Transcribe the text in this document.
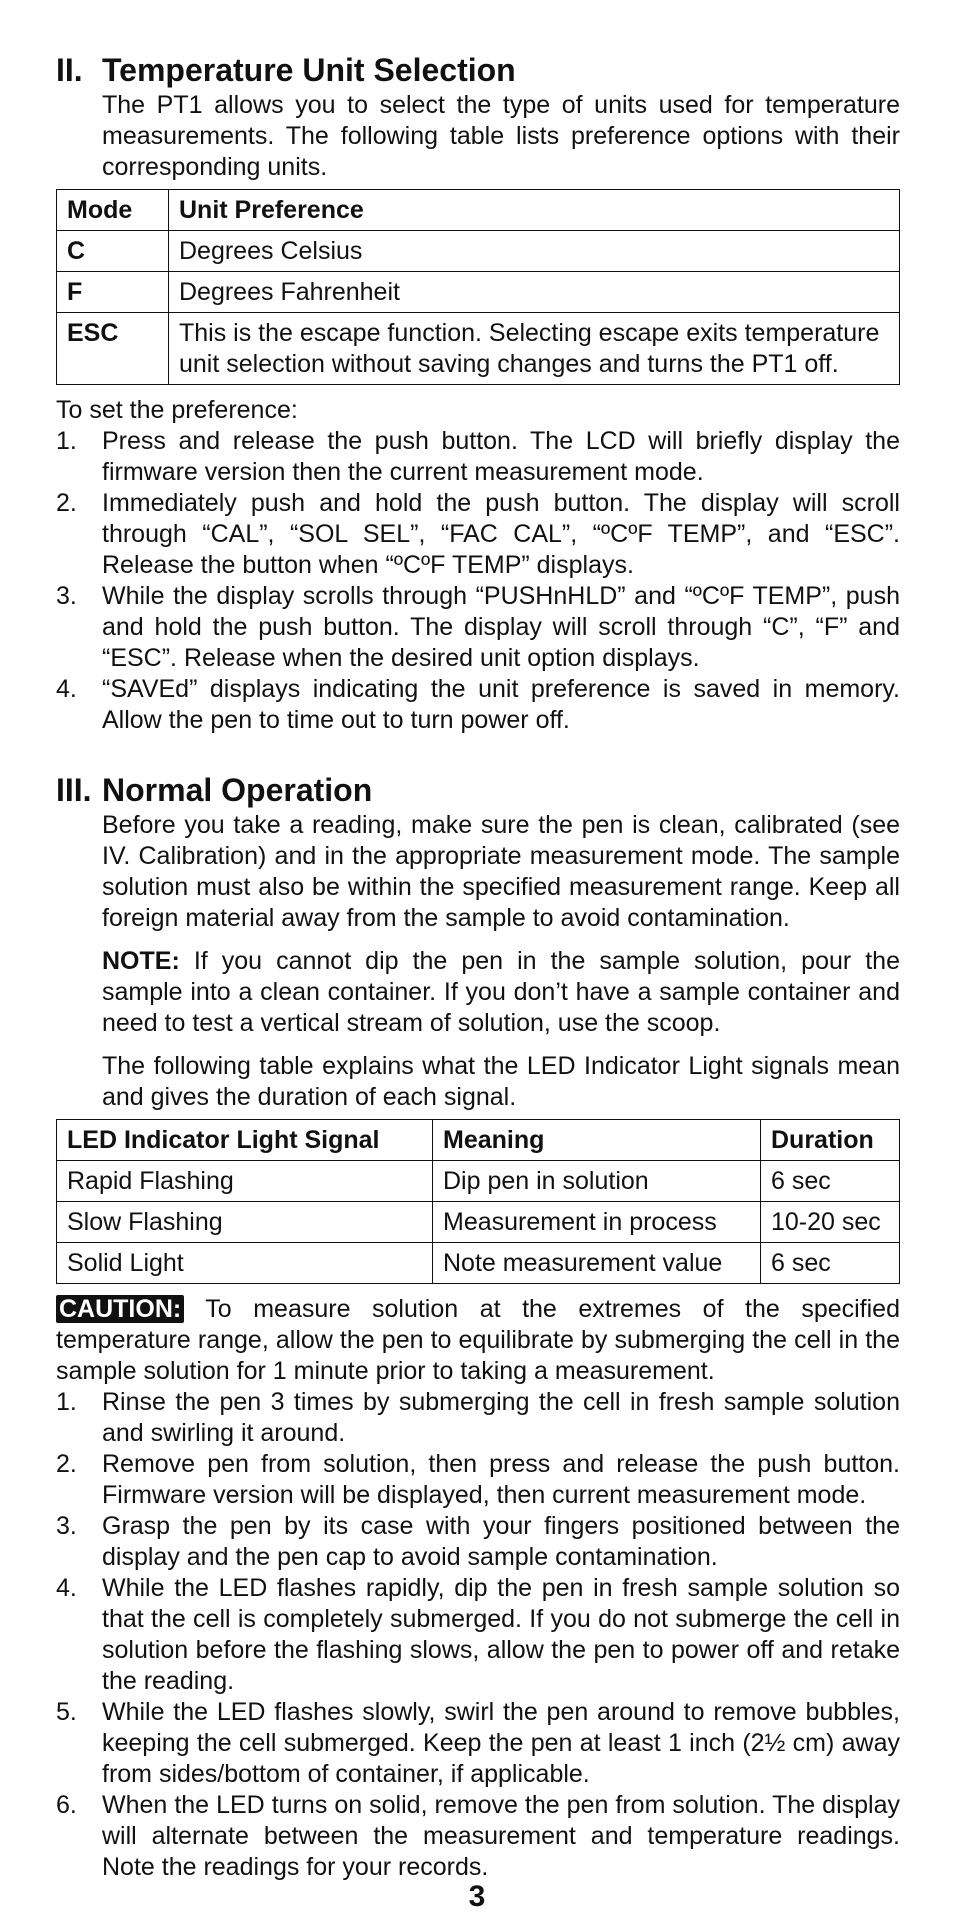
II. Temperature Unit Selection

The PT1 allows you to select the type of units used for temperature measurements. The following table lists preference options with their corresponding units.

Mode	Unit Preference
C	Degrees Celsius
F	Degrees Fahrenheit
ESC	This is the escape function. Selecting escape exits temperature unit selection without saving changes and turns the PT1 off.

To set the preference:

1.	Press and release the push button. The LCD will briefly display the firmware version then the current measurement mode.
2.	Immediately push and hold the push button. The display will scroll through “CAL”, “SOL SEL”, “FAC CAL”, “ºCºF TEMP”, and “ESC”. Release the button when “ºCºF TEMP” displays.
3.	While the display scrolls through “PUSHnHLD” and “ºCºF TEMP”, push and hold the push button. The display will scroll through “C”, “F” and “ESC”. Release when the desired unit option displays.
4.	“SAVEd” displays indicating the unit preference is saved in memory. Allow the pen to time out to turn power off.
III. Normal Operation

Before you take a reading, make sure the pen is clean, calibrated (see IV. Calibration) and in the appropriate measurement mode. The sample solution must also be within the specified measurement range. Keep all foreign material away from the sample to avoid contamination.

NOTE: If you cannot dip the pen in the sample solution, pour the sample into a clean container. If you don’t have a sample container and need to test a vertical stream of solution, use the scoop.

The following table explains what the LED Indicator Light signals mean and gives the duration of each signal.

LED Indicator Light Signal	Meaning	Duration
Rapid Flashing	Dip pen in solution	6 sec
Slow Flashing	Measurement in process	10-20 sec
Solid Light	Note measurement value	6 sec

CAUTION: To measure solution at the extremes of the specified temperature range, allow the pen to equilibrate by submerging the cell in the sample solution for 1 minute prior to taking a measurement.

1.	Rinse the pen 3 times by submerging the cell in fresh sample solution and swirling it around.
2.	Remove pen from solution, then press and release the push button. Firmware version will be displayed, then current measurement mode.
3.	Grasp the pen by its case with your fingers positioned between the display and the pen cap to avoid sample contamination.
4.	While the LED flashes rapidly, dip the pen in fresh sample solution so that the cell is completely submerged. If you do not submerge the cell in solution before the flashing slows, allow the pen to power off and retake the reading.
5.	While the LED flashes slowly, swirl the pen around to remove bubbles, keeping the cell submerged. Keep the pen at least 1 inch (2½ cm) away from sides/bottom of container, if applicable.
6.	When the LED turns on solid, remove the pen from solution. The display will alternate between the measurement and temperature readings. Note the readings for your records.
3
